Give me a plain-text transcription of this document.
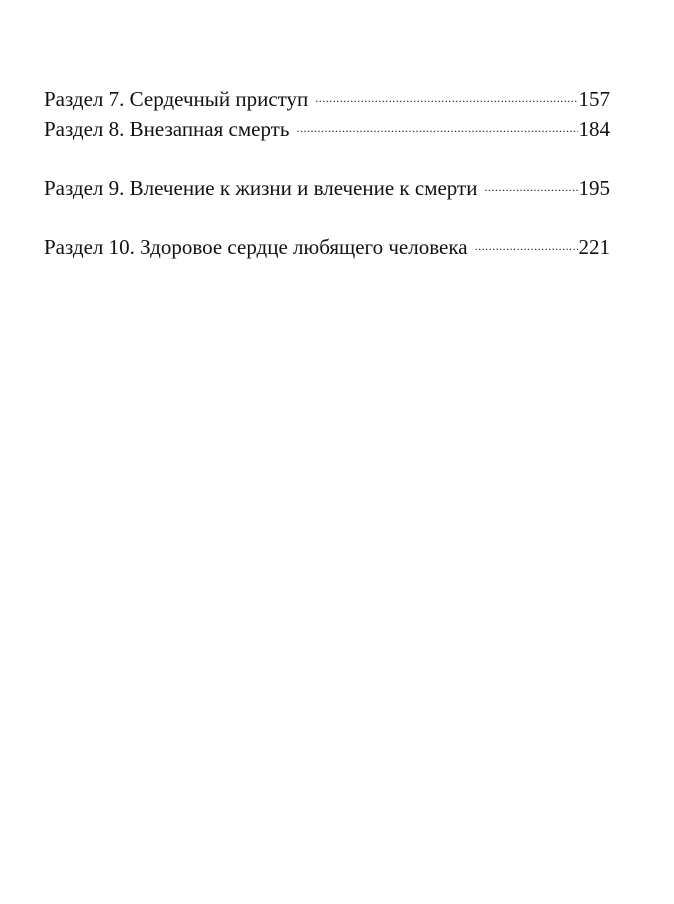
Раздел 7. Сердечный приступ .....	157
Раздел 8. Внезапная смерть .....	184
Раздел 9. Влечение к жизни и влечение к смерти .....	195
Раздел 10. Здоровое сердце любящего человека .....	221
